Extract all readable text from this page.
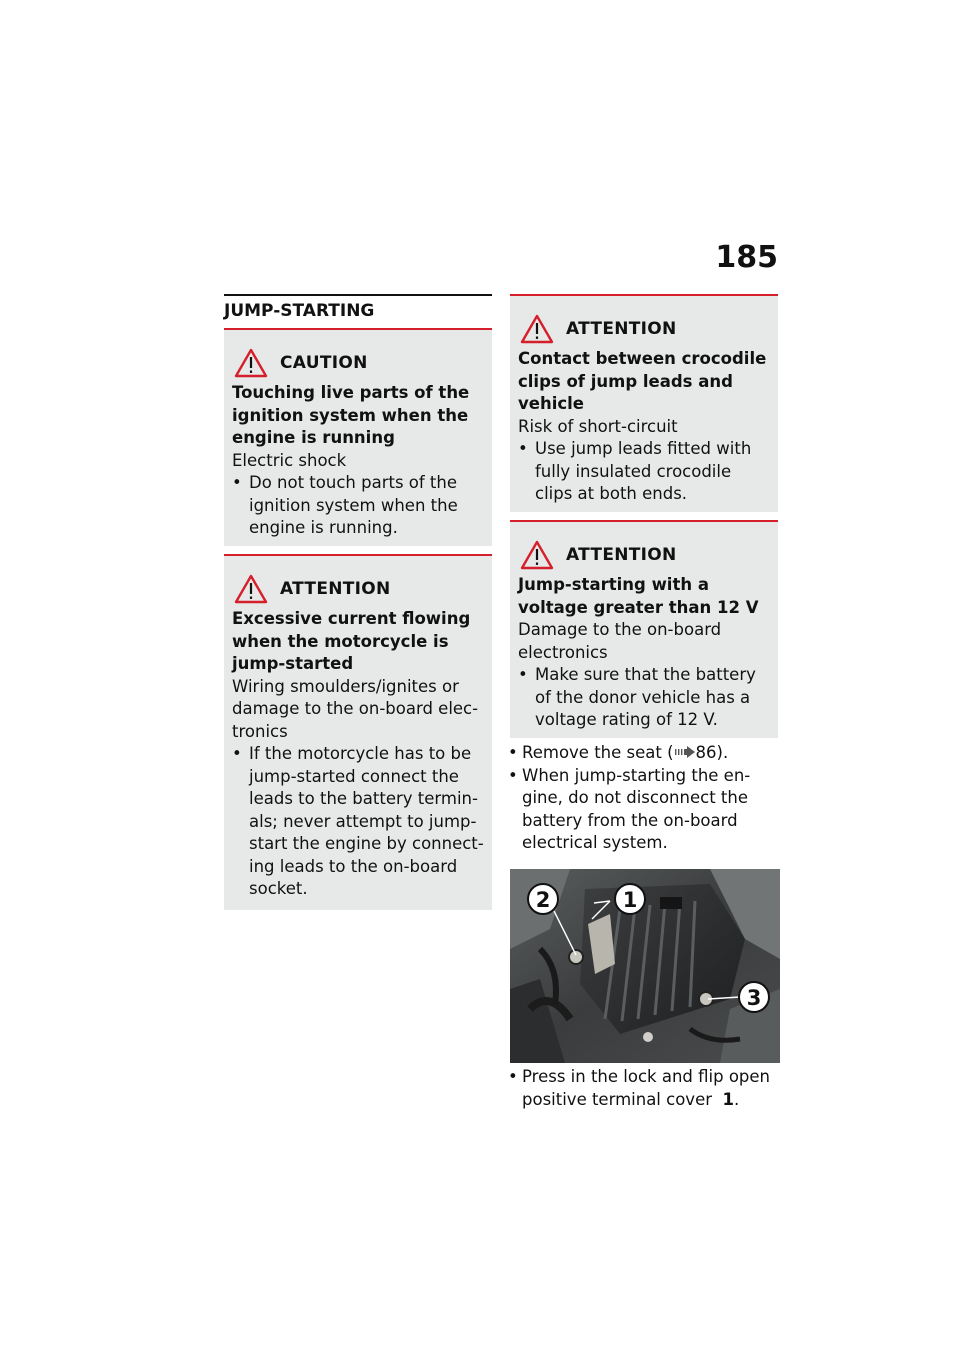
185
JUMP-STARTING
CAUTION
Touching live parts of the ignition system when the engine is running
Electric shock
• Do not touch parts of the ignition system when the engine is running.
ATTENTION
Excessive current flowing when the motorcycle is jump-started
Wiring smoulders/ignites or damage to the on-board elec-tronics
• If the motorcycle has to be jump-started connect the leads to the battery termin-als; never attempt to jump-start the engine by connect-ing leads to the on-board socket.
ATTENTION
Contact between crocodile clips of jump leads and vehicle
Risk of short-circuit
• Use jump leads fitted with fully insulated crocodile clips at both ends.
ATTENTION
Jump-starting with a voltage greater than 12 V
Damage to the on-board electronics
• Make sure that the battery of the donor vehicle has a voltage rating of 12 V.
• Remove the seat ( 86).
• When jump-starting the en-gine, do not disconnect the battery from the on-board electrical system.
2	1
3
• Press in the lock and flip open positive terminal cover 1.
